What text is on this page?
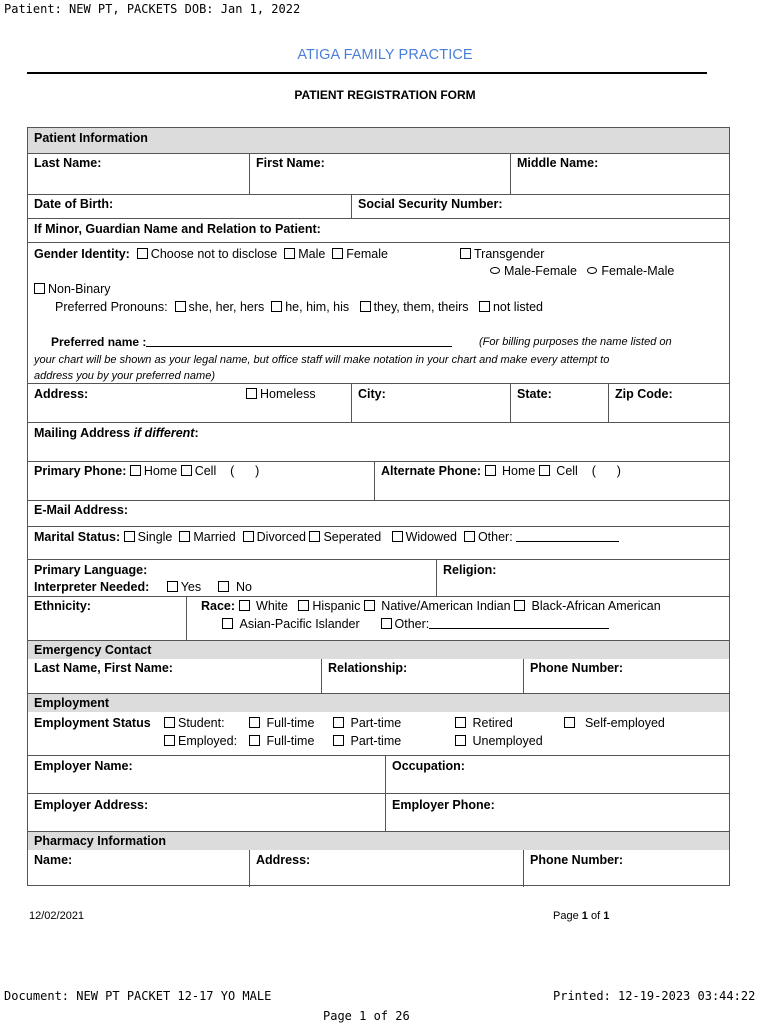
Patient: NEW PT, PACKETS DOB: Jan 1, 2022
ATIGA FAMILY PRACTICE
PATIENT REGISTRATION FORM
Patient Information
Last Name:	First Name:	Middle Name:
Date of Birth:	Social Security Number:
If Minor, Guardian Name and Relation to Patient:
Gender Identity: Choose not to disclose Male Female	Transgender
Male-Female Female-Male
Non-Binary
Preferred Pronouns: she, her, hers he, him, his they, them, theirs not listed
Preferred name :	(For billing purposes the name listed on
your chart will be shown as your legal name, but office staff will make notation in your chart and make every attempt to
address you by your preferred name)
Address:	Homeless	City:	State:	Zip Code:
Mailing Address if different:
Primary Phone: Home Cell (      )	Alternate Phone: Home Cell (      )
E-Mail Address:
Marital Status: Single Married Divorced Seperated Widowed Other:
Primary Language:	Religion:
Interpreter Needed:	Yes	No
Ethnicity:	Race: White Hispanic Native/American Indian Black-African American
Asian-Pacific Islander	Other:
Emergency Contact
Last Name, First Name:	Relationship:	Phone Number:
Employment
Employment Status	Student:	Full-time	Part-time	Retired	Self-employed
Employed:	Full-time	Part-time	Unemployed
Employer Name:	Occupation:
Employer Address:	Employer Phone:
Pharmacy Information
Name:	Address:	Phone Number:
12/02/2021	Page 1 of 1
Document: NEW PT PACKET 12-17 YO MALE	Printed: 12-19-2023 03:44:22
Page 1 of 26
